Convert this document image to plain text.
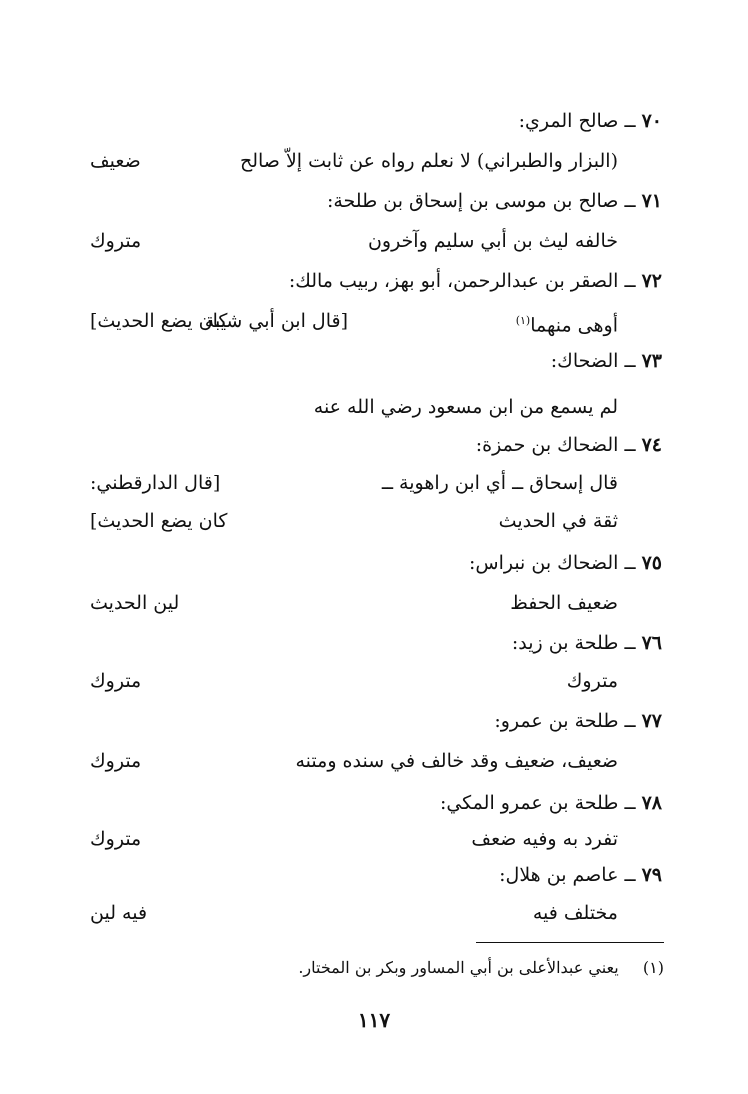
٧٠ــصالح المري:
(البزار والطبراني) لا نعلم رواه عن ثابت إلاّ صالح
ضعيف
٧١ــصالح بن موسى بن إسحاق بن طلحة:
خالفه ليث بن أبي سليم وآخرون
متروك
٧٢ــالصقر بن عبدالرحمن، أبو بهز، ربيب مالك:
أوهى منهما$^{(١)}$
[قال ابن أبي شيبة
كان يضع الحديث]
٧٣ــالضحاك:
لم يسمع من ابن مسعود رضي الله عنه
٧٤ــالضحاك بن حمزة:
قال إسحاق ــ أي ابن راهوية ــ
[قال الدارقطني:
ثقة في الحديث
كان يضع الحديث]
٧٥ــالضحاك بن نبراس:
ضعيف الحفظ
لين الحديث
٧٦ــطلحة بن زيد:
متروك
متروك
٧٧ــطلحة بن عمرو:
ضعيف، ضعيف وقد خالف في سنده ومتنه
متروك
٧٨ــطلحة بن عمرو المكي:
تفرد به وفيه ضعف
متروك
٧٩ــعاصم بن هلال:
مختلف فيه
فيه لين
(١)  يعني عبدالأعلى بن أبي المساور وبكر بن المختار.
١١٧
